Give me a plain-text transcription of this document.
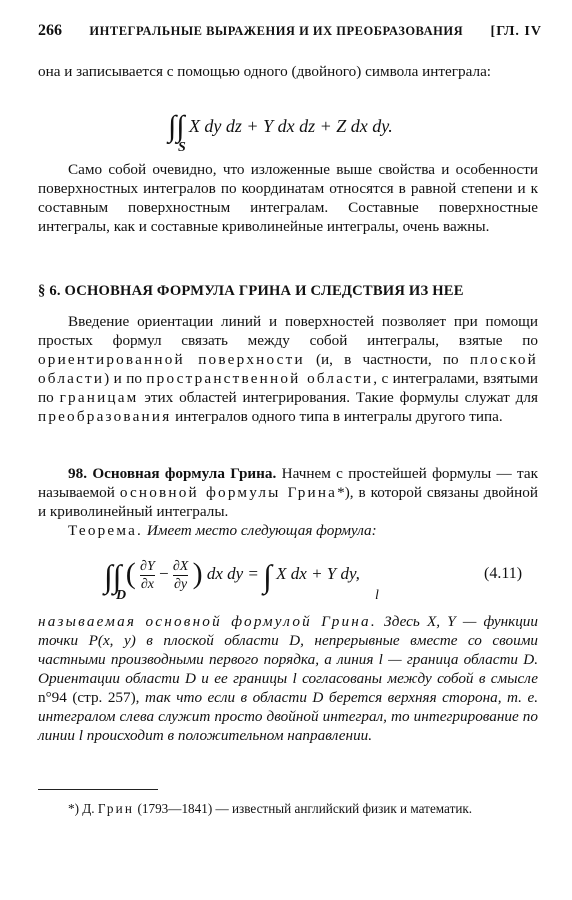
266 ИНТЕГРАЛЬНЫЕ ВЫРАЖЕНИЯ И ИХ ПРЕОБРАЗОВАНИЯ [ГЛ. IV

она и записывается с помощью одного (двойного) символа интеграла:

∫∫ X dy dz + Y dx dz + Z dx dy.
S

Само собой очевидно, что изложенные выше свойства и особенности поверхностных интегралов по координатам относятся в равной степени и к составным поверхностным интегралам. Составные поверхностные интегралы, как и составные криволинейные интегралы, очень важны.

§ 6. ОСНОВНАЯ ФОРМУЛА ГРИНА И СЛЕДСТВИЯ ИЗ НЕЕ

Введение ориентации линий и поверхностей позволяет при помощи простых формул связать между собой интегралы, взятые по ориентированной поверхности (и, в частности, по плоской области) и по пространственной области, с интегралами, взятыми по границам этих областей интегрирования. Такие формулы служат для преобразования интегралов одного типа в интегралы другого типа.

98. Основная формула Грина. Начнем с простейшей формулы — так называемой основной формулы Грина*), в которой связаны двойной и криволинейный интегралы.

Теорема. Имеет место следующая формула:

∫∫ ( $\frac{\partial Y}{\partial x} - \frac{\partial X}{\partial y}$ ) dx dy = ∫ X dx + Y dy,
D	l
(4.11)

называемая основной формулой Грина. Здесь X, Y — функции точки P(x, y) в плоской области D, непрерывные вместе со своими частными производными первого порядка, а линия l — граница области D. Ориентации области D и ее границы l согласованы между собой в смысле n°94 (стр. 257), так что если в области D берется верхняя сторона, т. е. интегралом слева служит просто двойной интеграл, то интегрирование по линии l происходит в положительном направлении.

*) Д. Грин (1793—1841) — известный английский физик и математик.
